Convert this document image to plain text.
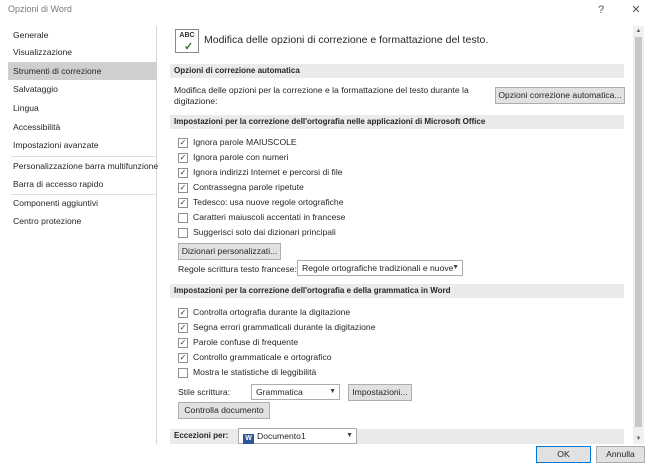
Opzioni di Word	?	✕
Generale
Visualizzazione
Strumenti di correzione
Salvataggio
Lingua
Accessibilità
Impostazioni avanzate
Personalizzazione barra multifunzione
Barra di accesso rapido
Componenti aggiuntivi
Centro protezione
ABC
✓
Modifica delle opzioni di correzione e formattazione del testo.
Opzioni di correzione automatica
Modifica delle opzioni per la correzione e la formattazione del testo durante la
digitazione:
Opzioni correzione automatica...
Impostazioni per la correzione dell'ortografia nelle applicazioni di Microsoft Office
✓ Ignora parole MAIUSCOLE
✓ Ignora parole con numeri
✓ Ignora indirizzi Internet e percorsi di file
✓ Contrassegna parole ripetute
✓ Tedesco: usa nuove regole ortografiche
Caratteri maiuscoli accentati in francese
Suggerisci solo dai dizionari principali
Dizionari personalizzati...
Regole scrittura testo francese: Regole ortografiche tradizionali e nuove
▼
Impostazioni per la correzione dell'ortografia e della grammatica in Word
✓ Controlla ortografia durante la digitazione
✓ Segna errori grammaticali durante la digitazione
✓ Parole confuse di frequente
✓ Controllo grammaticale e ortografico
Mostra le statistiche di leggibilità
Stile scrittura:	Grammatica	▼	Impostazioni...
Controlla documento
Eccezioni per:	W Documento1	▼
▲
▼
OK	Annulla
